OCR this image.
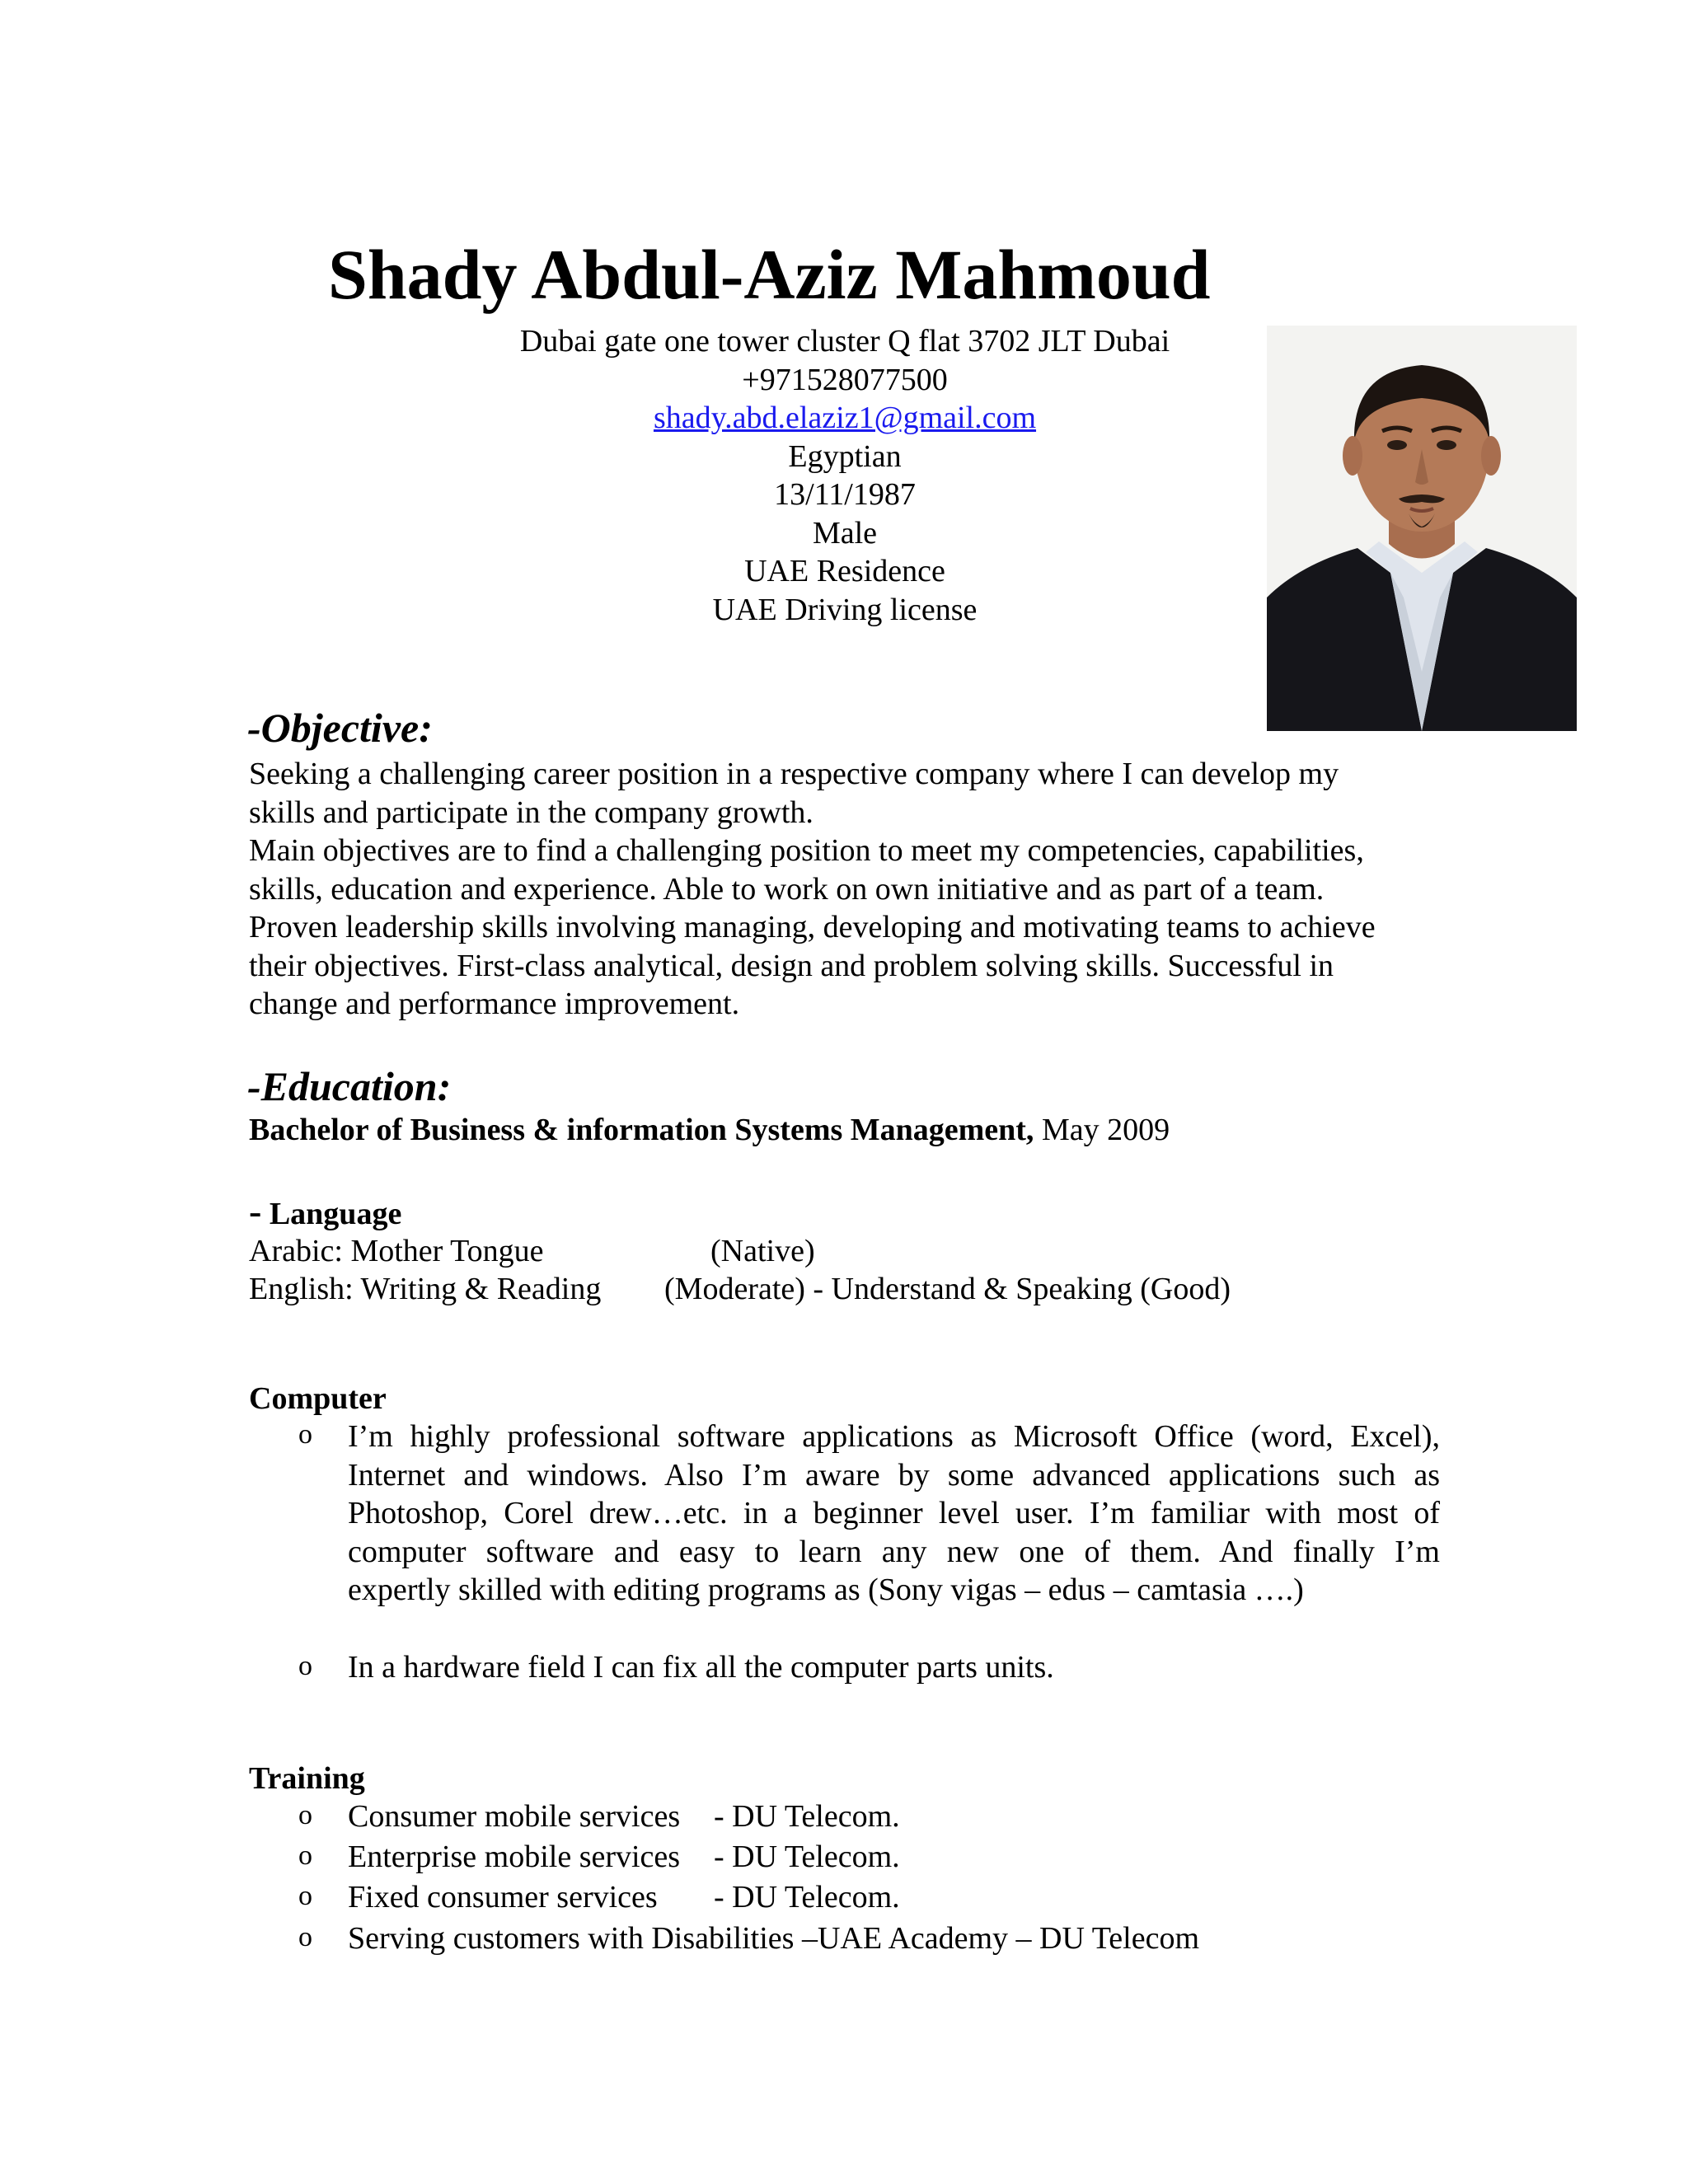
Shady Abdul-Aziz Mahmoud
Dubai gate one tower cluster Q flat 3702 JLT Dubai
+971528077500
shady.abd.elaziz1@gmail.com
Egyptian
13/11/1987
Male
UAE Residence
UAE Driving license
-Objective:
Seeking a challenging career position in a respective company where I can develop my
skills and participate in the company growth.
Main objectives are to find a challenging position to meet my competencies, capabilities,
skills, education and experience. Able to work on own initiative and as part of a team.
Proven leadership skills involving managing, developing and motivating teams to achieve
their objectives. First-class analytical, design and problem solving skills. Successful in
change and performance improvement.
-Education:
Bachelor of Business & information Systems Management, May 2009
- Language
Arabic: Mother Tongue	(Native)
English: Writing & Reading (Moderate) - Understand & Speaking (Good)
Computer
o I’m highly professional software applications as Microsoft Office (word, Excel),
Internet and windows. Also I’m aware by some advanced applications such as
Photoshop, Corel drew…etc. in a beginner level user. I’m familiar with most of
computer software and easy to learn any new one of them. And finally I’m
expertly skilled with editing programs as (Sony vigas – edus – camtasia ….)
o In a hardware field I can fix all the computer parts units.
Training
o Consumer mobile services - DU Telecom.
o Enterprise mobile services - DU Telecom.
o Fixed consumer services - DU Telecom.
o Serving customers with Disabilities –UAE Academy – DU Telecom
